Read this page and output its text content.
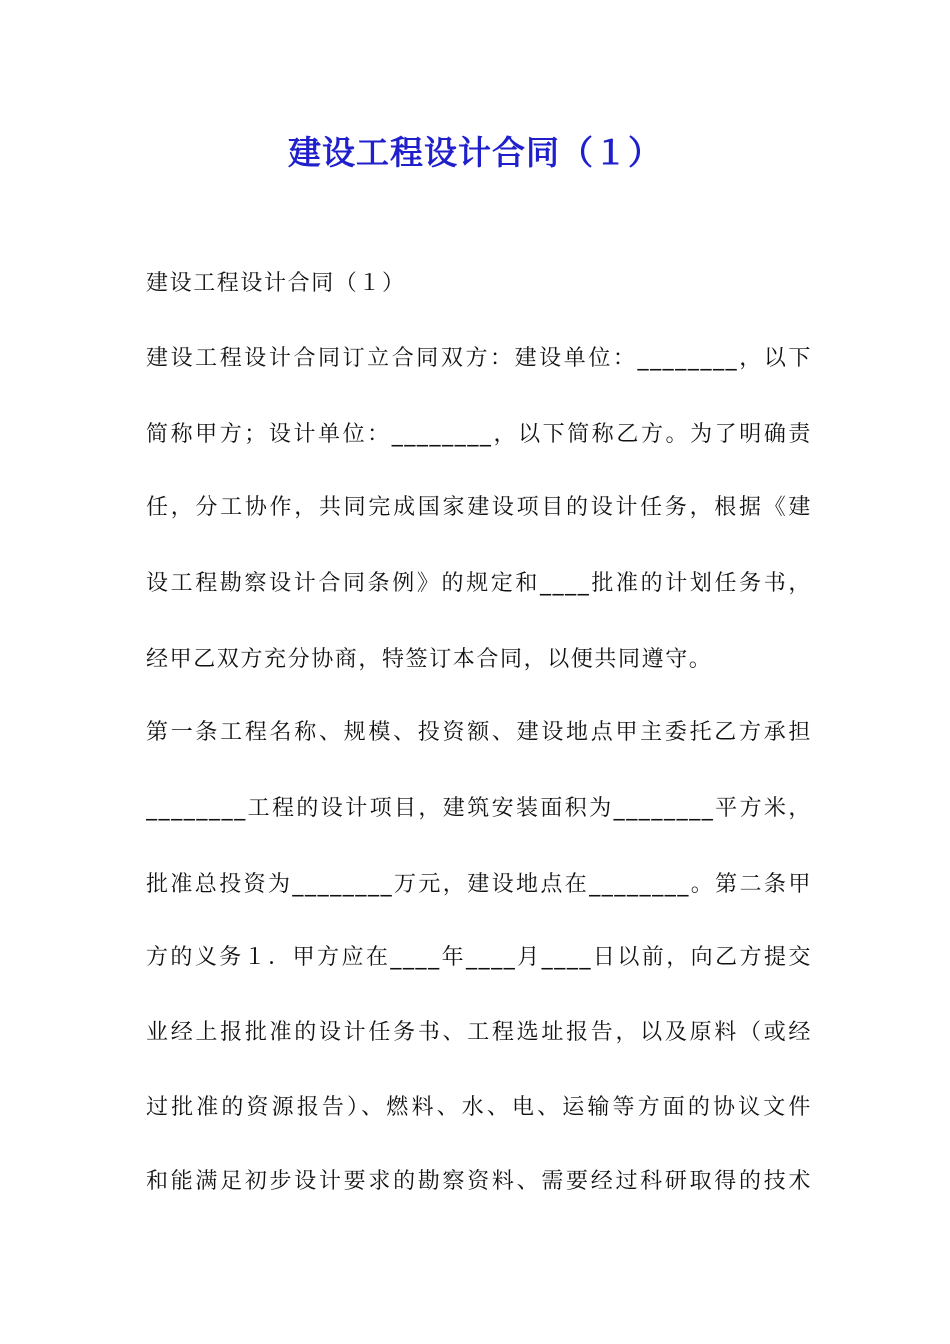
建设工程设计合同（１）
建设工程设计合同（１）
建设工程设计合同订立合同双方：建设单位：________，以下
简称甲方；设计单位：________，以下简称乙方。为了明确责
任，分工协作，共同完成国家建设项目的设计任务，根据《建
设工程勘察设计合同条例》的规定和____批准的计划任务书，
经甲乙双方充分协商，特签订本合同，以便共同遵守。
第一条工程名称、规模、投资额、建设地点甲主委托乙方承担
________工程的设计项目，建筑安装面积为________平方米，
批准总投资为________万元，建设地点在________。第二条甲
方的义务１．甲方应在____年____月____日以前，向乙方提交
业经上报批准的设计任务书、工程选址报告，以及原料（或经
过批准的资源报告）、燃料、水、电、运输等方面的协议文件
和能满足初步设计要求的勘察资料、需要经过科研取得的技术
